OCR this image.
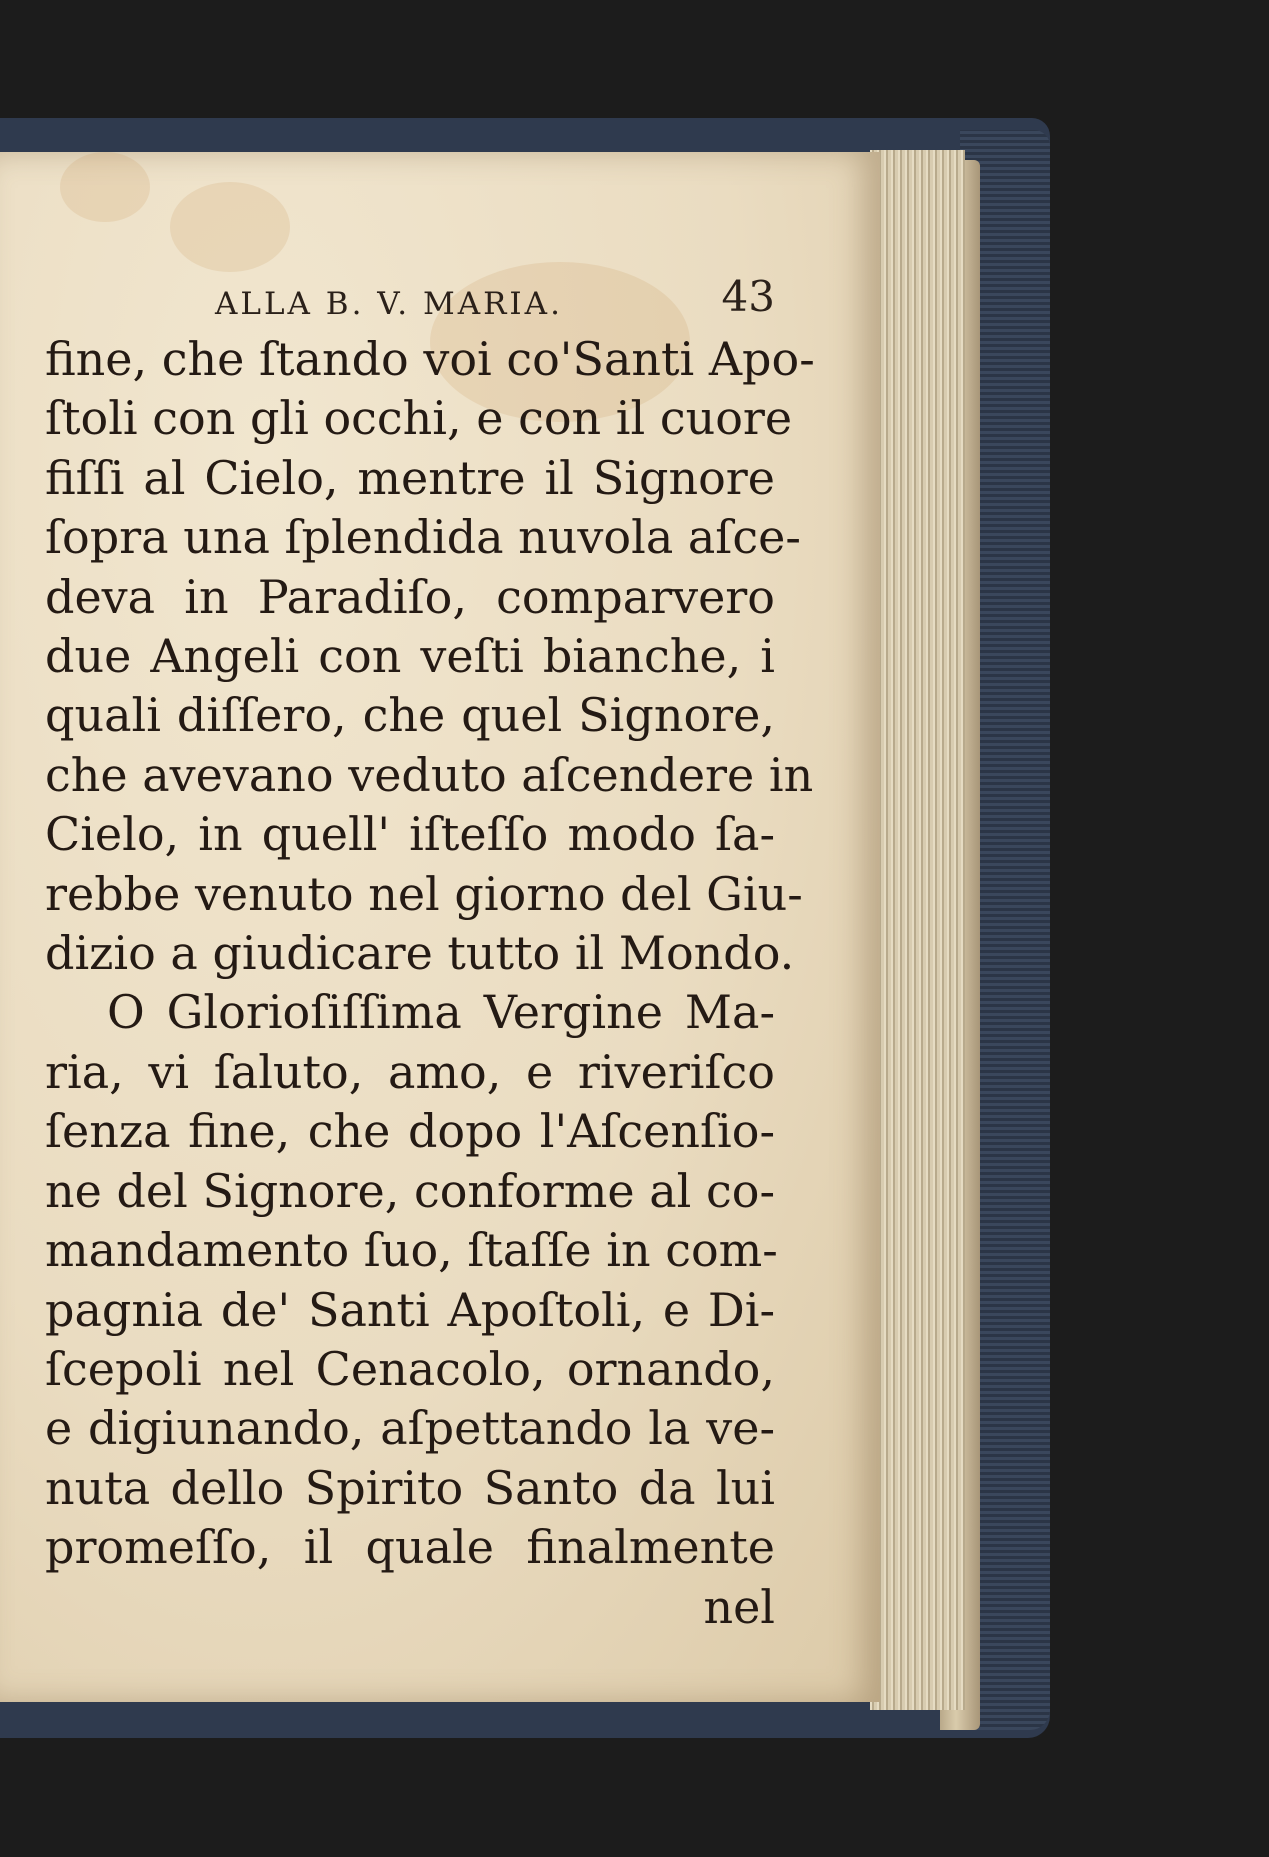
ALLA B. V. MARIA.	43
fine, che ſtando voi co'Santi Apo-
ſtoli con gli occhi, e con il cuore
fiſſi al Cielo, mentre il Signore
ſopra una ſplendida nuvola aſce-
deva in Paradiſo, comparvero
due Angeli con veſti bianche, i
quali diſſero, che quel Signore,
che avevano veduto aſcendere in
Cielo, in quell' iſteſſo modo ſa-
rebbe venuto nel giorno del Giu-
dizio a giudicare tutto il Mondo.
O Glorioſiſſima Vergine Ma-
ria, vi ſaluto, amo, e riveriſco
ſenza fine, che dopo l'Aſcenſio-
ne del Signore, conforme al co-
mandamento ſuo, ſtaſſe in com-
pagnia de' Santi Apoſtoli, e Di-
ſcepoli nel Cenacolo, ornando,
e digiunando, aſpettando la ve-
nuta dello Spirito Santo da lui
promeſſo, il quale finalmente
nel
